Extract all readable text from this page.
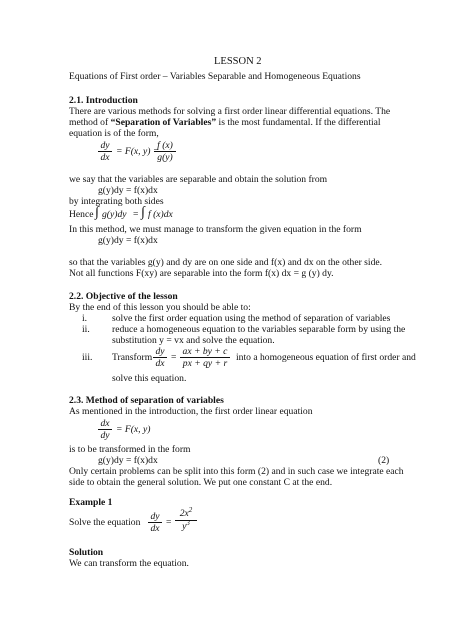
LESSON 2
Equations of First order – Variables Separable and Homogeneous Equations
2.1. Introduction
There are various methods for solving a first order linear differential equations. The
method of “Separation of Variables” is the most fundamental. If the differential
equation is of the form,
dy
dx
= F(x, y) =
f (x)
g(y)
we say that the variables are separable and obtain the solution from
g(y)dy = f(x)dx
by integrating both sides
Hence ∫ g(y)dy = ∫ f (x)dx
In this method, we must manage to transform the given equation in the form
g(y)dy = f(x)dx
so that the variables g(y) and dy are on one side and f(x) and dx on the other side.
Not all functions F(xy) are separable into the form f(x) dx = g (y) dy.
2.2. Objective of the lesson
By the end of this lesson you should be able to:
i.	solve the first order equation using the method of separation of variables
ii. reduce a homogeneous equation to the variables separable form by using the
substitution y = vx and solve the equation.
iii. Transform
dy
dx
=
ax + by + c
px + qy + r
into a homogeneous equation of first order and
solve this equation.
2.3. Method of separation of variables
As mentioned in the introduction, the first order linear equation
dx
dy
= F(x, y)
is to be transformed in the form
g(y)dy = f(x)dx	(2)
Only certain problems can be split into this form (2) and in such case we integrate each
side to obtain the general solution. We put one constant C at the end.
Example 1
Solve the equation
dy
dx
=
$2x^2$
$y^3$
Solution
We can transform the equation.
